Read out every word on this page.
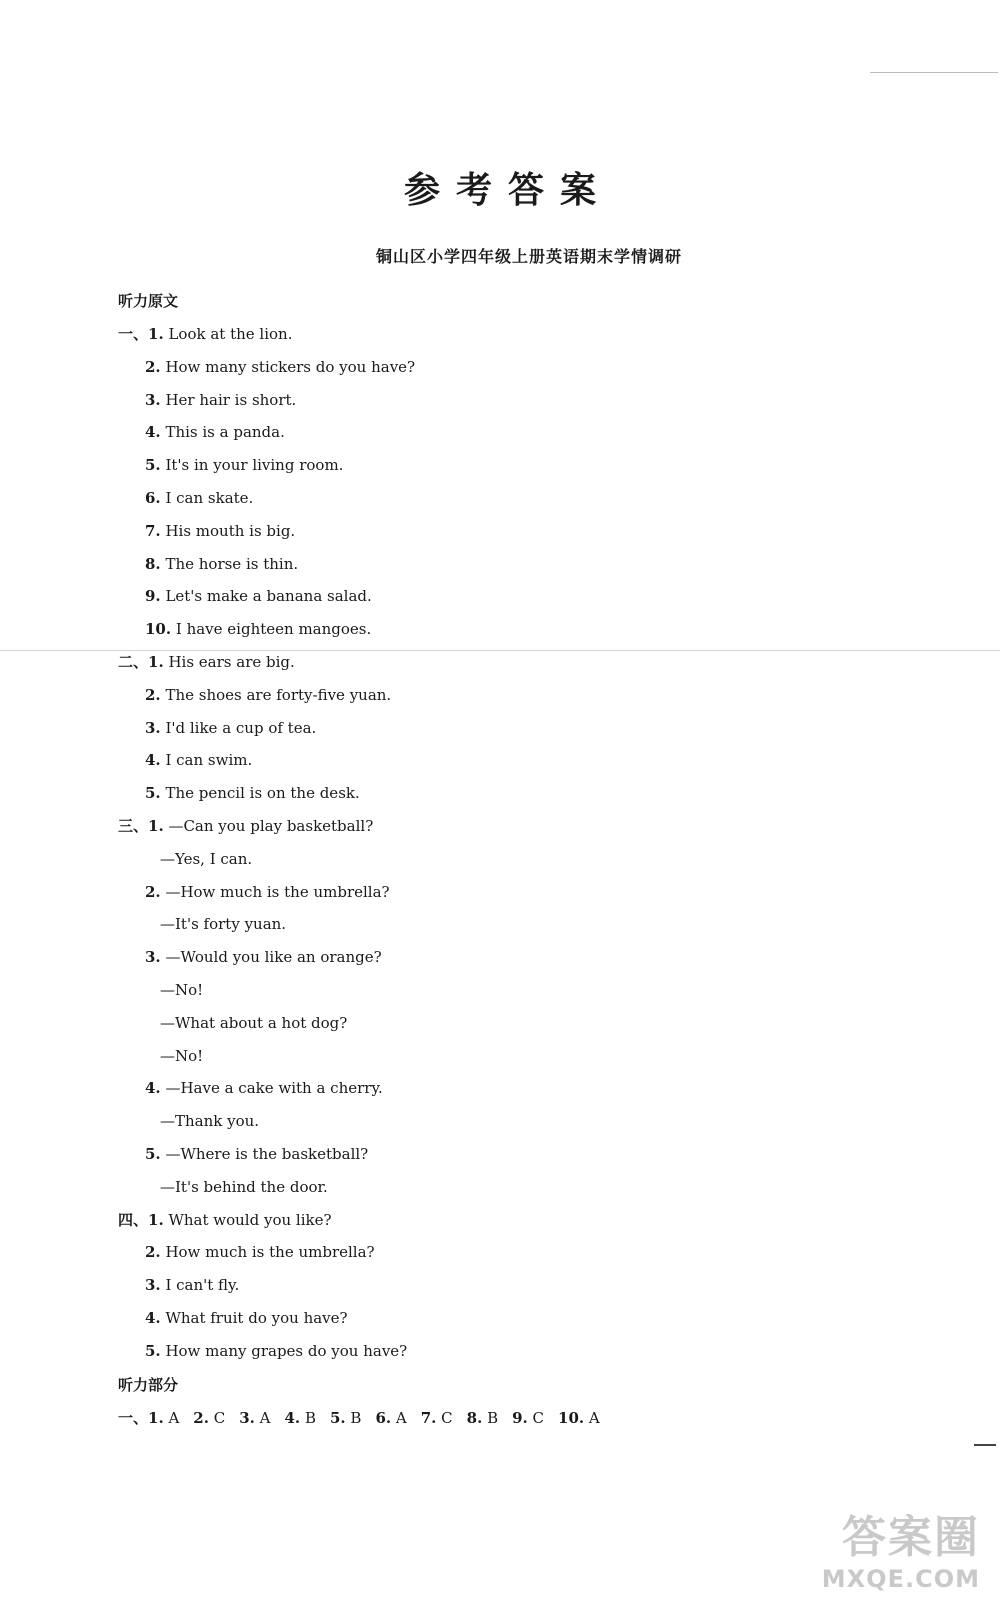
参考答案
铜山区小学四年级上册英语期末学情调研
听力原文
一、1. Look at the lion.
2. How many stickers do you have?
3. Her hair is short.
4. This is a panda.
5. It's in your living room.
6. I can skate.
7. His mouth is big.
8. The horse is thin.
9. Let's make a banana salad.
10. I have eighteen mangoes.
二、1. His ears are big.
2. The shoes are forty-five yuan.
3. I'd like a cup of tea.
4. I can swim.
5. The pencil is on the desk.
三、1. —Can you play basketball?
—Yes, I can.
2. —How much is the umbrella?
—It's forty yuan.
3. —Would you like an orange?
—No!
—What about a hot dog?
—No!
4. —Have a cake with a cherry.
—Thank you.
5. —Where is the basketball?
—It's behind the door.
四、1. What would you like?
2. How much is the umbrella?
3. I can't fly.
4. What fruit do you have?
5. How many grapes do you have?
听力部分
一、1. A 2. C 3. A 4. B 5. B 6. A 7. C 8. B 9. C 10. A
答案圈
MXQE.COM
